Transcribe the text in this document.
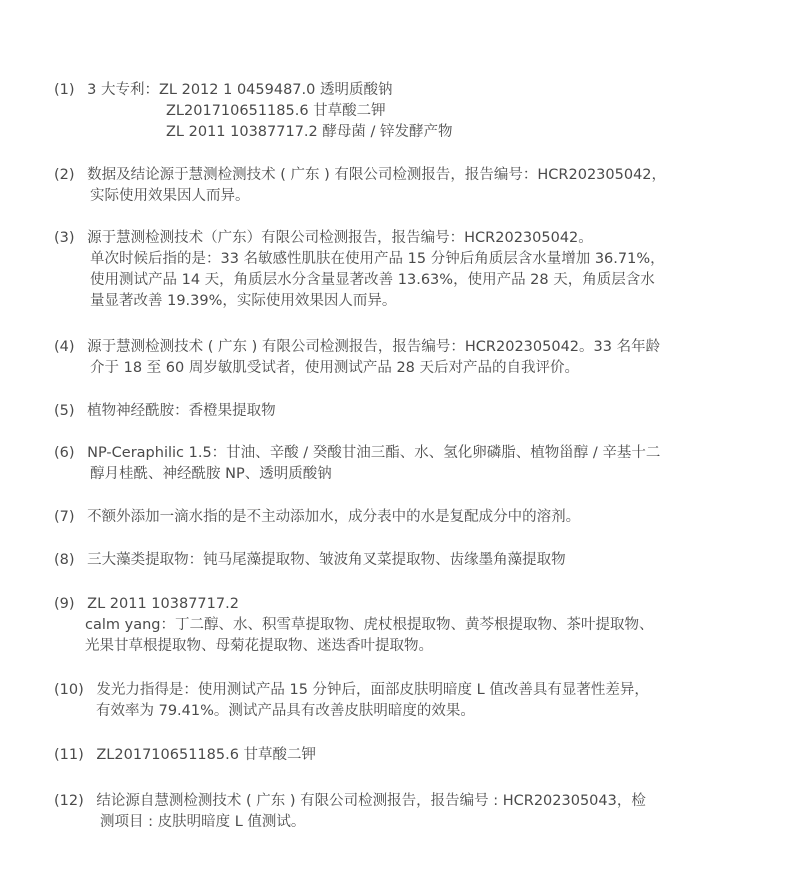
(1) 3 大专利：ZL 2012 1 0459487.0 透明质酸钠
ZL201710651185.6 甘草酸二钾
ZL 2011 10387717.2 酵母菌 / 锌发酵产物
(2) 数据及结论源于慧测检测技术 ( 广东 ) 有限公司检测报告，报告编号：HCR202305042，
实际使用效果因人而异。
(3) 源于慧测检测技术（广东）有限公司检测报告，报告编号：HCR202305042。
单次时候后指的是：33 名敏感性肌肤在使用产品 15 分钟后角质层含水量增加 36.71%，
使用测试产品 14 天，角质层水分含量显著改善 13.63%，使用产品 28 天，角质层含水
量显著改善 19.39%，实际使用效果因人而异。
(4) 源于慧测检测技术 ( 广东 ) 有限公司检测报告，报告编号：HCR202305042。33 名年龄
介于 18 至 60 周岁敏肌受试者，使用测试产品 28 天后对产品的自我评价。
(5) 植物神经酰胺：香橙果提取物
(6) NP-Ceraphilic 1.5：甘油、辛酸 / 癸酸甘油三酯、水、氢化卵磷脂、植物甾醇 / 辛基十二
醇月桂酰、神经酰胺 NP、透明质酸钠
(7) 不额外添加一滴水指的是不主动添加水，成分表中的水是复配成分中的溶剂。
(8) 三大藻类提取物：钝马尾藻提取物、皱波角叉菜提取物、齿缘墨角藻提取物
(9) ZL 2011 10387717.2
calm yang：丁二醇、水、积雪草提取物、虎杖根提取物、黄芩根提取物、茶叶提取物、
光果甘草根提取物、母菊花提取物、迷迭香叶提取物。
(10) 发光力指得是：使用测试产品 15 分钟后，面部皮肤明暗度 L 值改善具有显著性差异，
有效率为 79.41%。测试产品具有改善皮肤明暗度的效果。
(11) ZL201710651185.6 甘草酸二钾
(12) 结论源自慧测检测技术 ( 广东 ) 有限公司检测报告，报告编号 : HCR202305043，检
测项目 : 皮肤明暗度 L 值测试。
